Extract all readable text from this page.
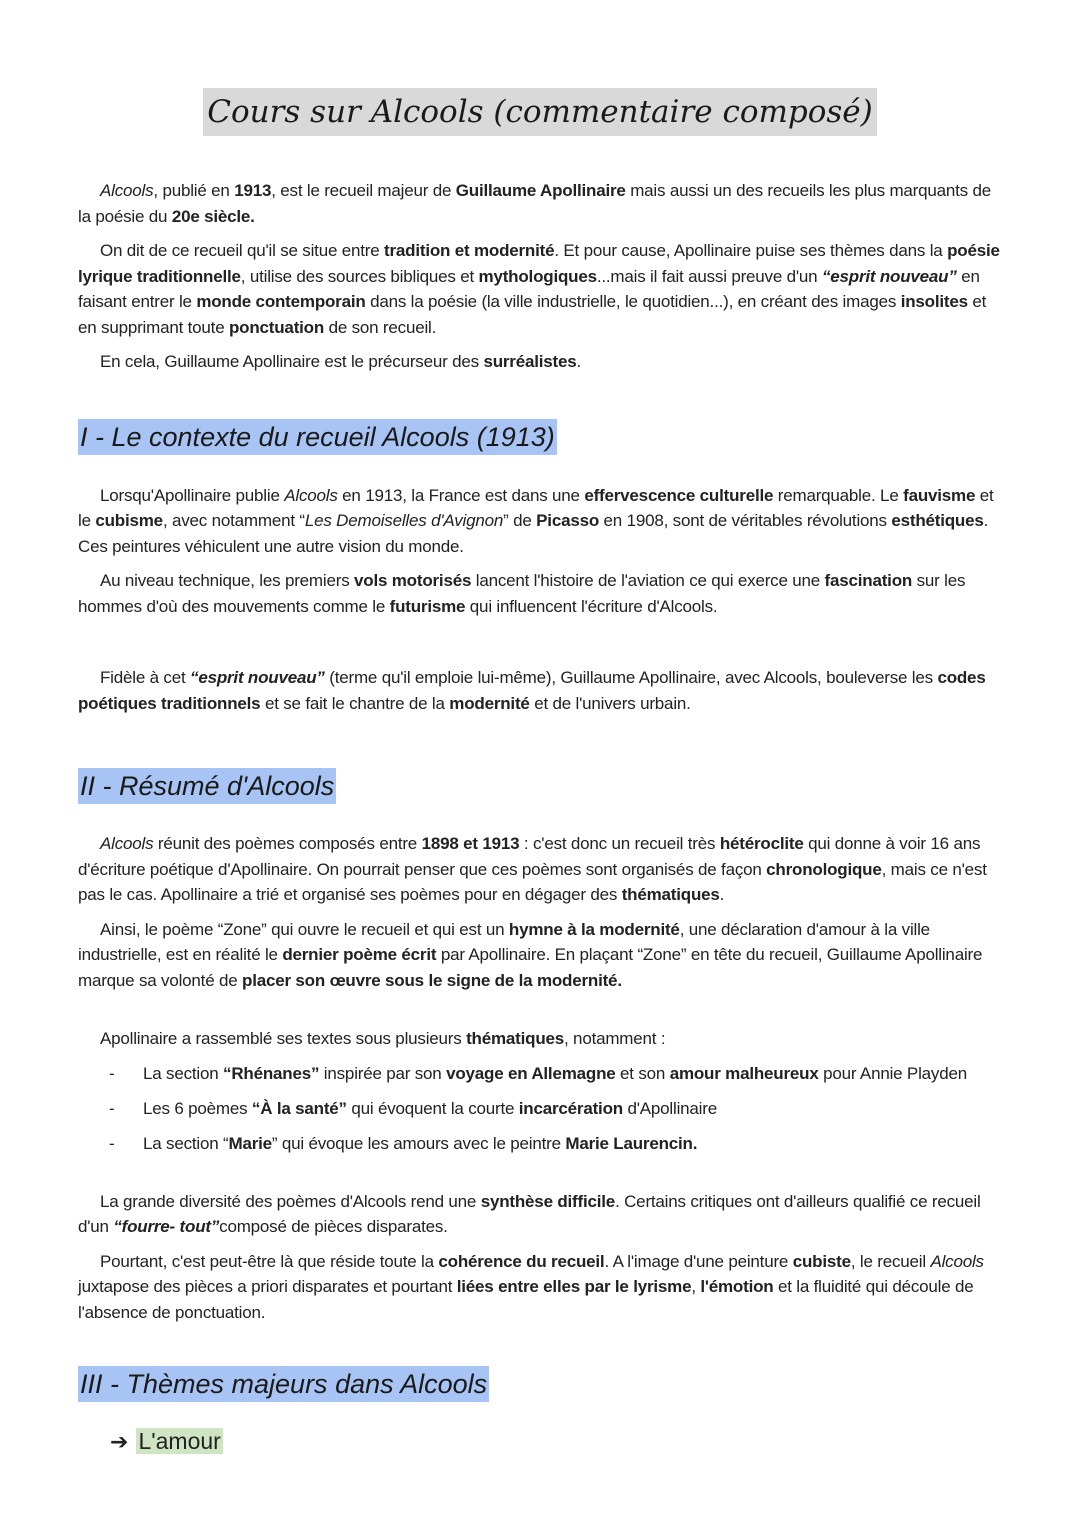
Cours sur Alcools (commentaire composé)

Alcools, publié en 1913, est le recueil majeur de Guillaume Apollinaire mais aussi un des recueils les plus marquants de la poésie du 20e siècle.

On dit de ce recueil qu'il se situe entre tradition et modernité. Et pour cause, Apollinaire puise ses thèmes dans la poésie lyrique traditionnelle, utilise des sources bibliques et mythologiques...mais il fait aussi preuve d'un “esprit nouveau” en faisant entrer le monde contemporain dans la poésie (la ville industrielle, le quotidien...), en créant des images insolites et en supprimant toute ponctuation de son recueil.

En cela, Guillaume Apollinaire est le précurseur des surréalistes.

I - Le contexte du recueil Alcools (1913)

Lorsqu'Apollinaire publie Alcools en 1913, la France est dans une effervescence culturelle remarquable. Le fauvisme et le cubisme, avec notamment “Les Demoiselles d'Avignon” de Picasso en 1908, sont de véritables révolutions esthétiques. Ces peintures véhiculent une autre vision du monde.

Au niveau technique, les premiers vols motorisés lancent l'histoire de l'aviation ce qui exerce une fascination sur les hommes d'où des mouvements comme le futurisme qui influencent l'écriture d'Alcools.

Fidèle à cet “esprit nouveau” (terme qu'il emploie lui-même), Guillaume Apollinaire, avec Alcools, bouleverse les codes poétiques traditionnels et se fait le chantre de la modernité et de l'univers urbain.

II - Résumé d'Alcools

Alcools réunit des poèmes composés entre 1898 et 1913 : c'est donc un recueil très hétéroclite qui donne à voir 16 ans d'écriture poétique d'Apollinaire. On pourrait penser que ces poèmes sont organisés de façon chronologique, mais ce n'est pas le cas. Apollinaire a trié et organisé ses poèmes pour en dégager des thématiques.

Ainsi, le poème “Zone” qui ouvre le recueil et qui est un hymne à la modernité, une déclaration d'amour à la ville industrielle, est en réalité le dernier poème écrit par Apollinaire. En plaçant “Zone” en tête du recueil, Guillaume Apollinaire marque sa volonté de placer son œuvre sous le signe de la modernité.

Apollinaire a rassemblé ses textes sous plusieurs thématiques, notamment :

- La section “Rhénanes” inspirée par son voyage en Allemagne et son amour malheureux pour Annie Playden
- Les 6 poèmes “À la santé” qui évoquent la courte incarcération d'Apollinaire
- La section “Marie” qui évoque les amours avec le peintre Marie Laurencin.

La grande diversité des poèmes d'Alcools rend une synthèse difficile. Certains critiques ont d'ailleurs qualifié ce recueil d'un “fourre- tout”composé de pièces disparates.

Pourtant, c'est peut-être là que réside toute la cohérence du recueil. A l'image d'une peinture cubiste, le recueil Alcools juxtapose des pièces a priori disparates et pourtant liées entre elles par le lyrisme, l'émotion et la fluidité qui découle de l'absence de ponctuation.

III - Thèmes majeurs dans Alcools
➔ L'amour
